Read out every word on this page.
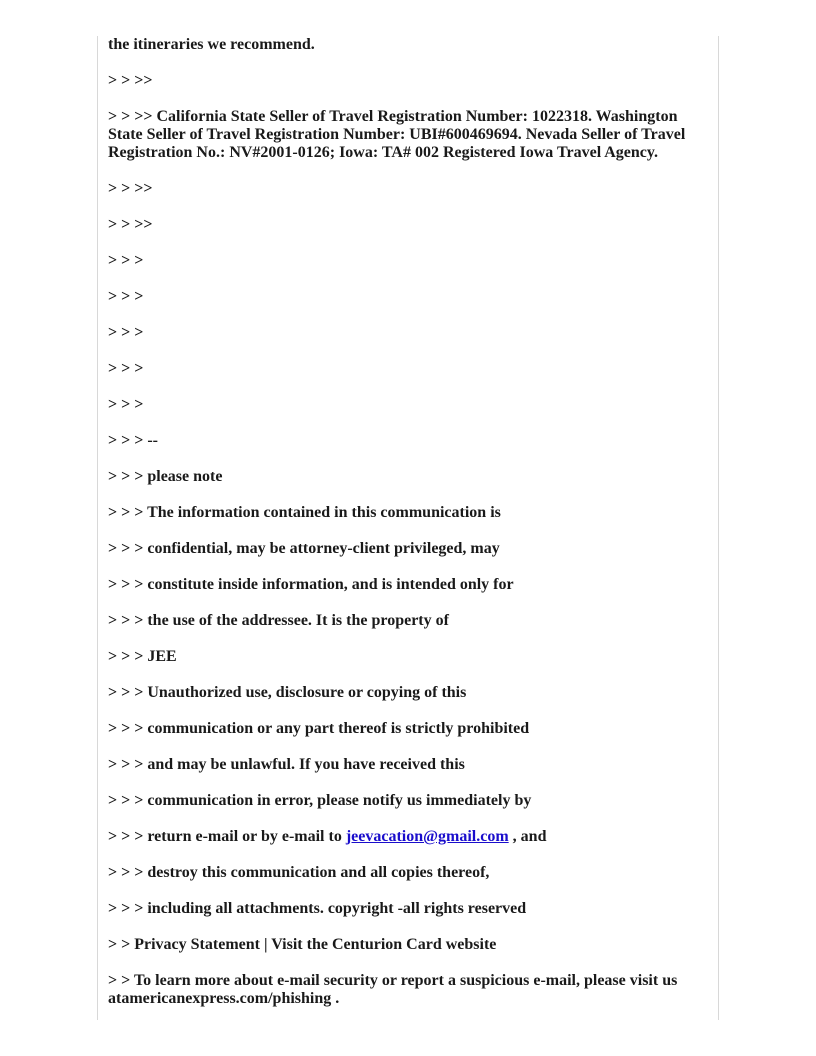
the itineraries we recommend.

> > >>

> > >> California State Seller of Travel Registration Number: 1022318. Washington State Seller of Travel Registration Number: UBI#600469694. Nevada Seller of Travel Registration No.: NV#2001-0126; Iowa: TA# 002 Registered Iowa Travel Agency.

> > >>

> > >>

> > >

> > >

> > >

> > >

> > >

> > > --

> > > please note

> > > The information contained in this communication is

> > > confidential, may be attorney-client privileged, may

> > > constitute inside information, and is intended only for

> > > the use of the addressee. It is the property of

> > > JEE

> > > Unauthorized use, disclosure or copying of this

> > > communication or any part thereof is strictly prohibited

> > > and may be unlawful. If you have received this

> > > communication in error, please notify us immediately by

> > > return e-mail or by e-mail to jeevacation@gmail.com , and

> > > destroy this communication and all copies thereof,

> > > including all attachments. copyright -all rights reserved

> > Privacy Statement | Visit the Centurion Card website

> > To learn more about e-mail security or report a suspicious e-mail, please visit us atamericanexpress.com/phishing .
